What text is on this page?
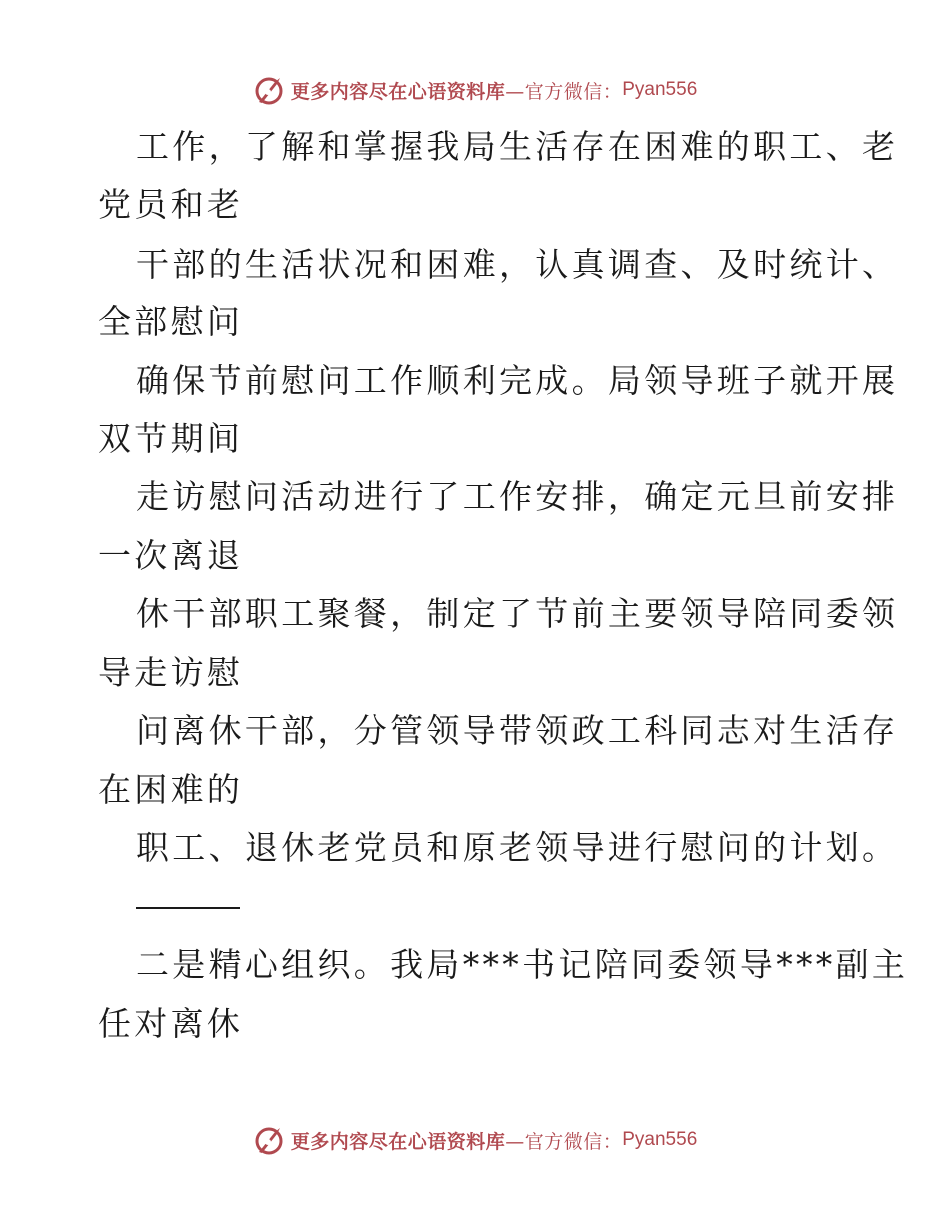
更多内容尽在心语资料库 —官方微信： Pyan556
工作，了解和掌握我局生活存在困难的职工、老
党员和老
干部的生活状况和困难，认真调查、及时统计、
全部慰问
确保节前慰问工作顺利完成。局领导班子就开展
双节期间
走访慰问活动进行了工作安排，确定元旦前安排
一次离退
休干部职工聚餐，制定了节前主要领导陪同委领
导走访慰
问离休干部，分管领导带领政工科同志对生活存
在困难的
职工、退休老党员和原老领导进行慰问的计划。
二是精心组织。我局***书记陪同委领导***副主
任对离休
更多内容尽在心语资料库 —官方微信： Pyan556
